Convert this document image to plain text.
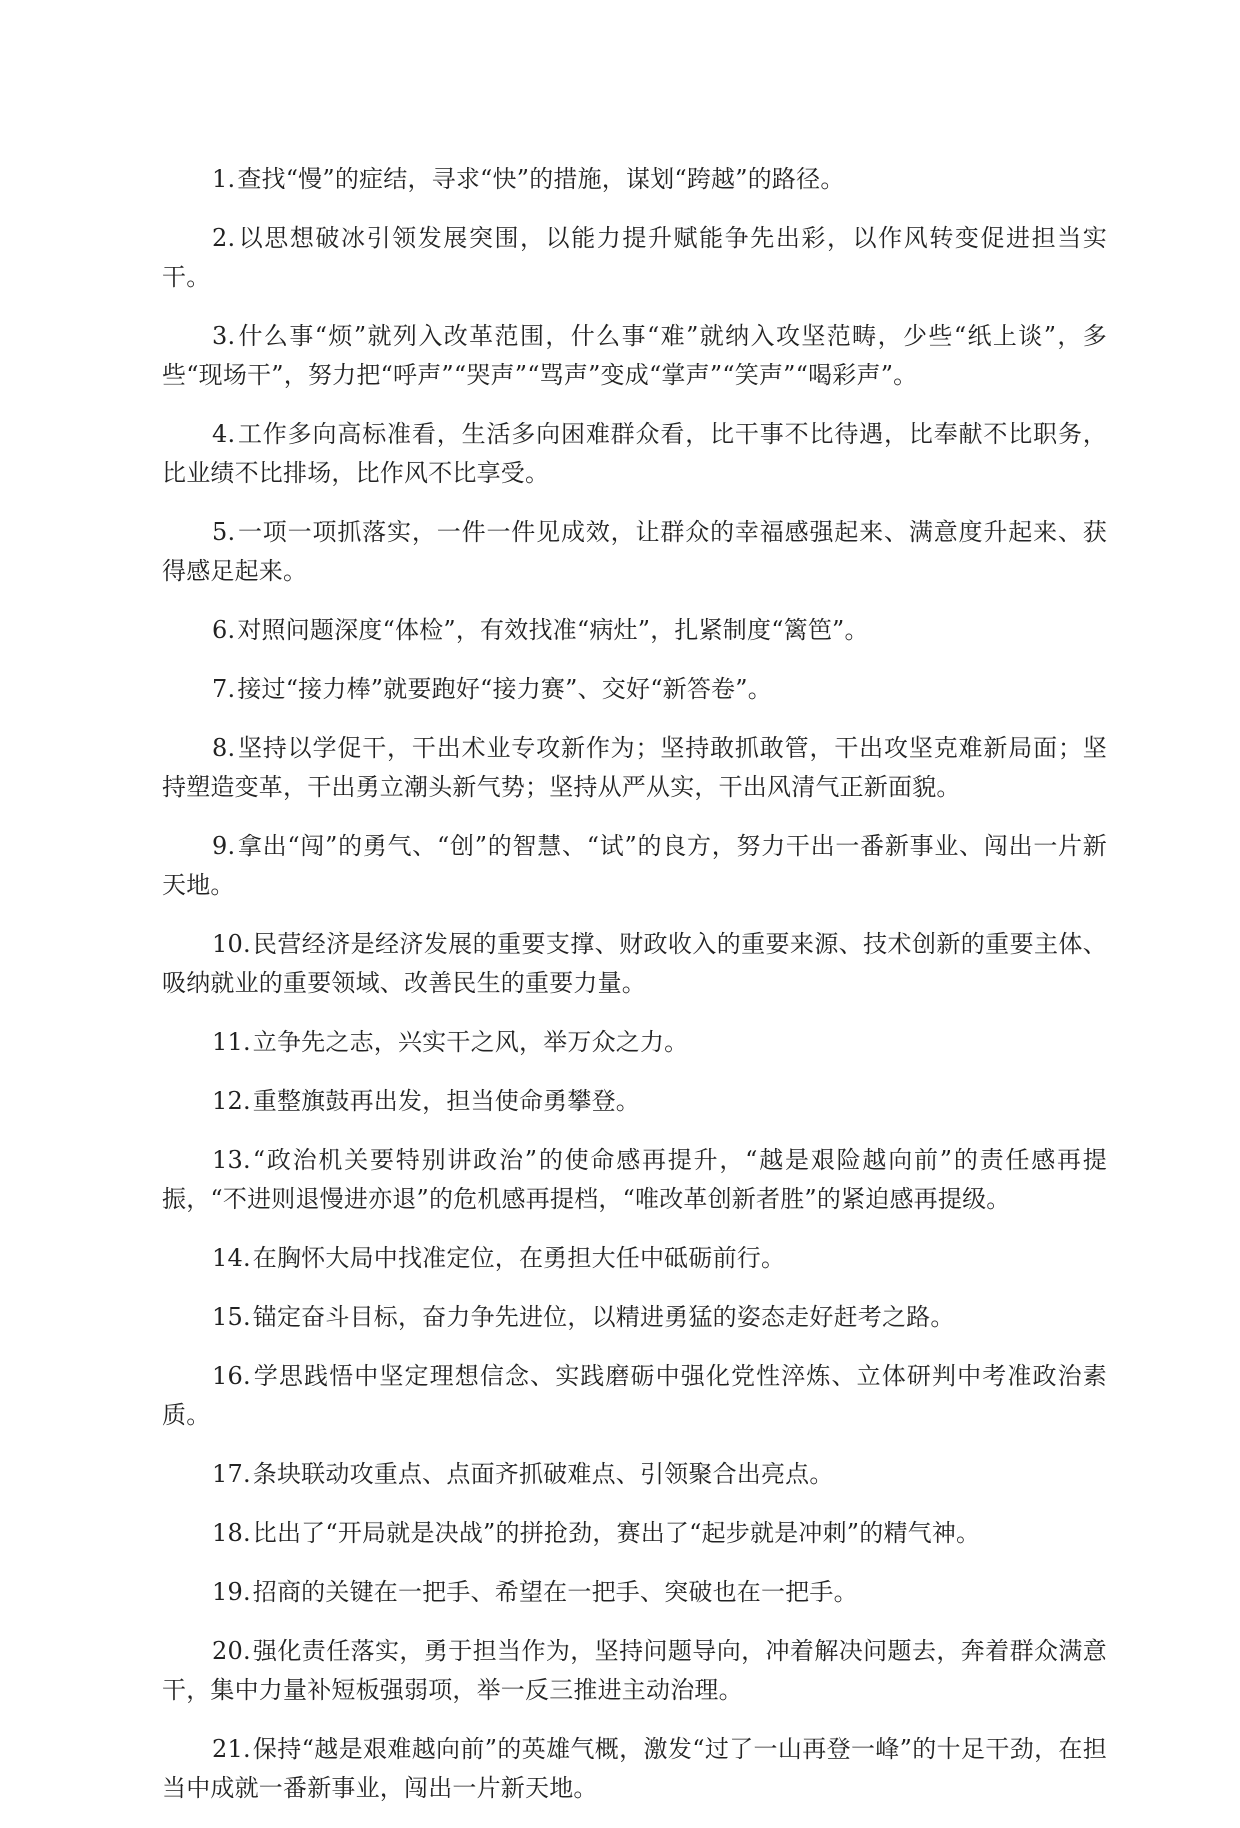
1.查找“慢”的症结，寻求“快”的措施，谋划“跨越”的路径。

2.以思想破冰引领发展突围，以能力提升赋能争先出彩，以作风转变促进担当实干。

3.什么事“烦”就列入改革范围，什么事“难”就纳入攻坚范畴，少些“纸上谈”，多些“现场干”，努力把“呼声”“哭声”“骂声”变成“掌声”“笑声”“喝彩声”。

4.工作多向高标准看，生活多向困难群众看，比干事不比待遇，比奉献不比职务，比业绩不比排场，比作风不比享受。

5.一项一项抓落实，一件一件见成效，让群众的幸福感强起来、满意度升起来、获得感足起来。

6.对照问题深度“体检”，有效找准“病灶”，扎紧制度“篱笆”。

7.接过“接力棒”就要跑好“接力赛”、交好“新答卷”。

8.坚持以学促干，干出术业专攻新作为；坚持敢抓敢管，干出攻坚克难新局面；坚持塑造变革，干出勇立潮头新气势；坚持从严从实，干出风清气正新面貌。

9.拿出“闯”的勇气、“创”的智慧、“试”的良方，努力干出一番新事业、闯出一片新天地。

10.民营经济是经济发展的重要支撑、财政收入的重要来源、技术创新的重要主体、吸纳就业的重要领域、改善民生的重要力量。

11.立争先之志，兴实干之风，举万众之力。

12.重整旗鼓再出发，担当使命勇攀登。

13.“政治机关要特别讲政治”的使命感再提升，“越是艰险越向前”的责任感再提振，“不进则退慢进亦退”的危机感再提档，“唯改革创新者胜”的紧迫感再提级。

14.在胸怀大局中找准定位，在勇担大任中砥砺前行。

15.锚定奋斗目标，奋力争先进位，以精进勇猛的姿态走好赶考之路。

16.学思践悟中坚定理想信念、实践磨砺中强化党性淬炼、立体研判中考准政治素质。

17.条块联动攻重点、点面齐抓破难点、引领聚合出亮点。

18.比出了“开局就是决战”的拼抢劲，赛出了“起步就是冲刺”的精气神。

19.招商的关键在一把手、希望在一把手、突破也在一把手。

20.强化责任落实，勇于担当作为，坚持问题导向，冲着解决问题去，奔着群众满意干，集中力量补短板强弱项，举一反三推进主动治理。

21.保持“越是艰难越向前”的英雄气概，激发“过了一山再登一峰”的十足干劲，在担当中成就一番新事业，闯出一片新天地。
